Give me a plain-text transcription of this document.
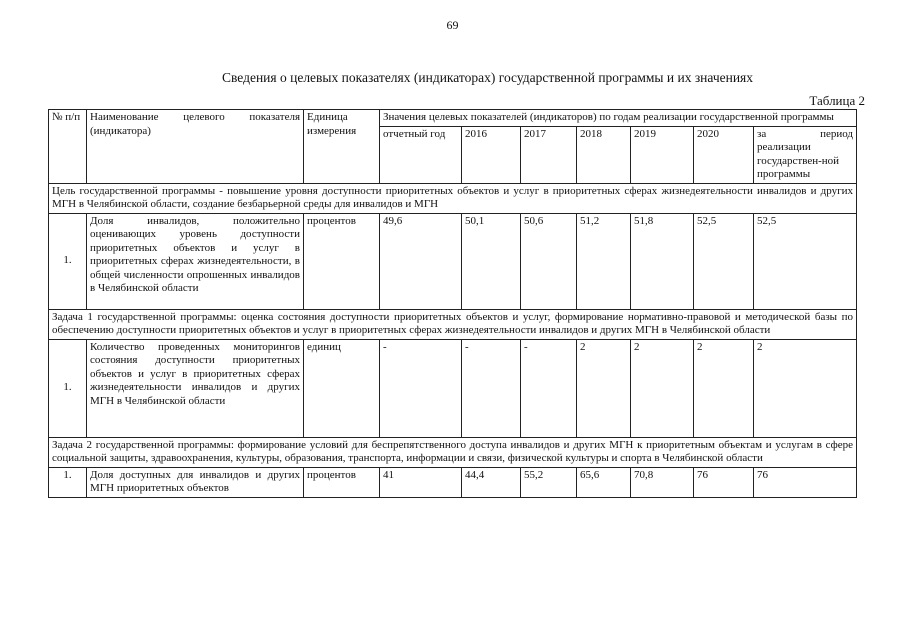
69
Сведения о целевых показателях (индикаторах) государственной программы и их значениях
Таблица 2
№ п/п	Наименование целевого показателя (индикатора)	Единица измерения	Значения целевых показателей (индикаторов) по годам реализации государственной программы						
			отчетный год	2016	2017	2018	2019	2020	за период реализации государствен-ной программы
Цель государственной программы - повышение уровня доступности приоритетных объектов и услуг в приоритетных сферах жизнедеятельности инвалидов и других МГН в Челябинской области, создание безбарьерной среды для инвалидов и МГН									
1.	Доля инвалидов, положительно оценивающих уровень доступности приоритетных объектов и услуг в приоритетных сферах жизнедеятельности, в общей численности опрошенных инвалидов в Челябинской области	процентов	49,6	50,1	50,6	51,2	51,8	52,5	52,5
Задача 1 государственной программы: оценка состояния доступности приоритетных объектов и услуг, формирование нормативно-правовой и методической базы по обеспечению доступности приоритетных объектов и услуг в приоритетных сферах жизнедеятельности инвалидов и других МГН в Челябинской области									
1.	Количество проведенных мониторингов состояния доступности приоритетных объектов и услуг в приоритетных сферах жизнедеятельности инвалидов и других МГН в Челябинской области	единиц	-	-	-	2	2	2	2
Задача 2 государственной программы: формирование условий для беспрепятственного доступа инвалидов и других МГН к приоритетным объектам и услугам в сфере социальной защиты, здравоохранения, культуры, образования, транспорта, информации и связи, физической культуры и спорта в Челябинской области									
1.	Доля доступных для инвалидов и других МГН приоритетных объектов	процентов	41	44,4	55,2	65,6	70,8	76	76
